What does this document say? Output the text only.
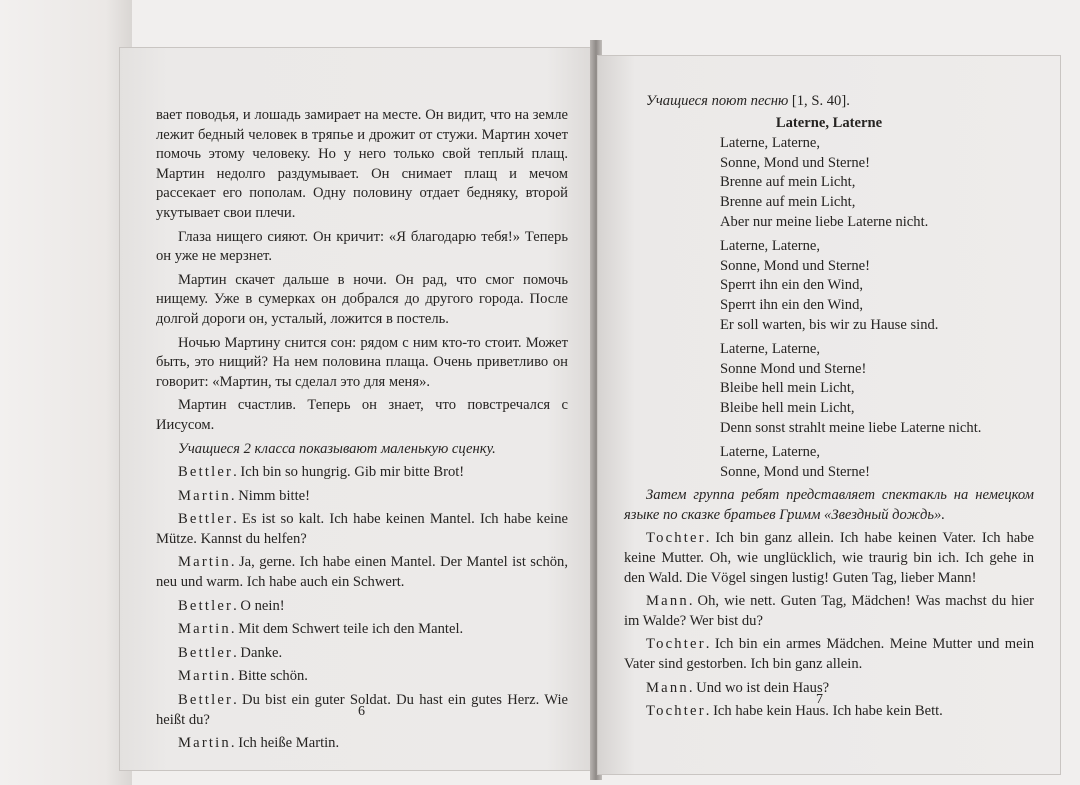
вает поводья, и лошадь замирает на месте. Он видит, что на земле лежит бедный человек в тряпье и дрожит от стужи. Мартин хочет помочь этому человеку. Но у него только свой теплый плащ. Мартин недолго раздумывает. Он снимает плащ и мечом рассекает его пополам. Одну половину отдает бедняку, второй укутывает свои плечи.

Глаза нищего сияют. Он кричит: «Я благодарю тебя!» Теперь он уже не мерзнет.

Мартин скачет дальше в ночи. Он рад, что смог помочь нищему. Уже в сумерках он добрался до другого города. После долгой дороги он, усталый, ложится в постель.

Ночью Мартину снится сон: рядом с ним кто-то стоит. Может быть, это нищий? На нем половина плаща. Очень приветливо он говорит: «Мартин, ты сделал это для меня».

Мартин счастлив. Теперь он знает, что повстречался с Иисусом.

Учащиеся 2 класса показывают маленькую сценку.

Bettler. Ich bin so hungrig. Gib mir bitte Brot!

Martin. Nimm bitte!

Bettler. Es ist so kalt. Ich habe keinen Mantel. Ich habe keine Mütze. Kannst du helfen?

Martin. Ja, gerne. Ich habe einen Mantel. Der Mantel ist schön, neu und warm. Ich habe auch ein Schwert.

Bettler. O nein!

Martin. Mit dem Schwert teile ich den Mantel.

Bettler. Danke.

Martin. Bitte schön.

Bettler. Du bist ein guter Soldat. Du hast ein gutes Herz. Wie heißt du?

Martin. Ich heiße Martin.

6

Учащиеся поют песню [1, S. 40].

Laterne, Laterne
Laterne, Laterne,
Sonne, Mond und Sterne!
Brenne auf mein Licht,
Brenne auf mein Licht,
Aber nur meine liebe Laterne nicht.
Laterne, Laterne,
Sonne, Mond und Sterne!
Sperrt ihn ein den Wind,
Sperrt ihn ein den Wind,
Er soll warten, bis wir zu Hause sind.
Laterne, Laterne,
Sonne Mond und Sterne!
Bleibe hell mein Licht,
Bleibe hell mein Licht,
Denn sonst strahlt meine liebe Laterne nicht.
Laterne, Laterne,
Sonne, Mond und Sterne!

Затем группа ребят представляет спектакль на немецком языке по сказке братьев Гримм «Звездный дождь».

Tochter. Ich bin ganz allein. Ich habe keinen Vater. Ich habe keine Mutter. Oh, wie unglücklich, wie traurig bin ich. Ich gehe in den Wald. Die Vögel singen lustig! Guten Tag, lieber Mann!

Mann. Oh, wie nett. Guten Tag, Mädchen! Was machst du hier im Walde? Wer bist du?

Tochter. Ich bin ein armes Mädchen. Meine Mutter und mein Vater sind gestorben. Ich bin ganz allein.

Mann. Und wo ist dein Haus?

Tochter. Ich habe kein Haus. Ich habe kein Bett.

7
